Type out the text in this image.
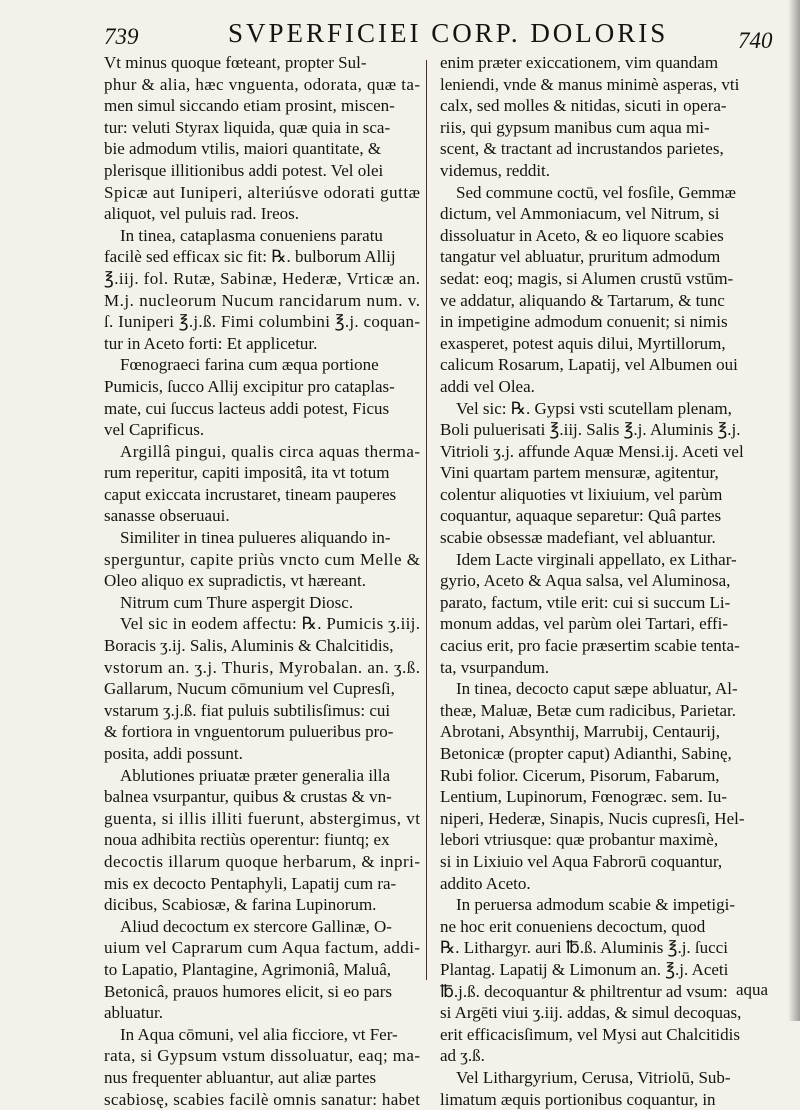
739	SVPERFICIEI CORP. DOLORIS	740
Vt minus quoque fœteant, propter Sul-
phur & alia, hæc vnguenta, odorata, quæ ta-
men simul siccando etiam prosint, miscen-
tur: veluti Styrax liquida, quæ quia in sca-
bie admodum vtilis, maiori quantitate, &
plerisque illitionibus addi potest. Vel olei
Spicæ aut Iuniperi, alteriúsve odorati guttæ
aliquot, vel puluis rad. Ireos.
In tinea, cataplasma conueniens paratu
facilè sed efficax sic fit: ℞. bulborum Allij
℥.iij. fol. Rutæ, Sabinæ, Hederæ, Vrticæ an.
M.j. nucleorum Nucum rancidarum num. v.
ſ. Iuniperi ℥.j.ß. Fimi columbini ℥.j. coquan-
tur in Aceto forti: Et applicetur.
Fœnograeci farina cum æqua portione
Pumicis, ſucco Allij excipitur pro cataplas-
mate, cui ſuccus lacteus addi potest, Ficus
vel Caprificus.
Argillâ pingui, qualis circa aquas therma-
rum reperitur, capiti impositâ, ita vt totum
caput exiccata incrustaret, tineam pauperes
sanasse obseruaui.
Similiter in tinea pulueres aliquando in-
sperguntur, capite priùs vncto cum Melle &
Oleo aliquo ex supradictis, vt hæreant.
Nitrum cum Thure aspergit Diosc.
Vel sic in eodem affectu: ℞. Pumicis ʒ.iij.
Boracis ʒ.ij. Salis, Aluminis & Chalcitidis,
vstorum an. ʒ.j. Thuris, Myrobalan. an. ʒ.ß.
Gallarum, Nucum cōmunium vel Cupresſi,
vstarum ʒ.j.ß. fiat puluis subtilisſimus: cui
& fortiora in vnguentorum pulueribus pro-
posita, addi possunt.
Ablutiones priuatæ præter generalia illa
balnea vsurpantur, quibus & crustas & vn-
guenta, si illis illiti fuerunt, abstergimus, vt
noua adhibita rectiùs operentur: fiuntq; ex
decoctis illarum quoque herbarum, & inpri-
mis ex decocto Pentaphyli, Lapatij cum ra-
dicibus, Scabiosæ, & farina Lupinorum.
Aliud decoctum ex stercore Gallinæ, O-
uium vel Caprarum cum Aqua factum, addi-
to Lapatio, Plantagine, Agrimoniâ, Maluâ,
Betonicâ, prauos humores elicit, si eo pars
abluatur.
In Aqua cōmuni, vel alia ficciore, vt Fer-
rata, si Gypsum vstum dissoluatur, eaq; ma-
nus frequenter abluantur, aut aliæ partes
scabiosę, scabies facilè omnis sanatur: habet
enim præter exiccationem, vim quandam
leniendi, vnde & manus minimè asperas, vti
calx, sed molles & nitidas, sicuti in opera-
riis, qui gypsum manibus cum aqua mi-
scent, & tractant ad incrustandos parietes,
videmus, reddit.
Sed commune coctū, vel fosſile, Gemmæ
dictum, vel Ammoniacum, vel Nitrum, si
dissoluatur in Aceto, & eo liquore scabies
tangatur vel abluatur, pruritum admodum
sedat: eoq; magis, si Alumen crustū vstūm-
ve addatur, aliquando & Tartarum, & tunc
in impetigine admodum conuenit; si nimis
exasperet, potest aquis dilui, Myrtillorum,
calicum Rosarum, Lapatij, vel Albumen oui
addi vel Olea.
Vel sic: ℞. Gypsi vsti scutellam plenam,
Boli puluerisati ℥.iij. Salis ℥.j. Aluminis ℥.j.
Vitrioli ʒ.j. affunde Aquæ Mensi.ij. Aceti vel
Vini quartam partem mensuræ, agitentur,
colentur aliquoties vt lixiuium, vel parùm
coquantur, aquaque separetur: Quâ partes
scabie obsessæ madefiant, vel abluantur.
Idem Lacte virginali appellato, ex Lithar-
gyrio, Aceto & Aqua salsa, vel Aluminosa,
parato, factum, vtile erit: cui si succum Li-
monum addas, vel parùm olei Tartari, effi-
cacius erit, pro facie præsertim scabie tenta-
ta, vsurpandum.
In tinea, decocto caput sæpe abluatur, Al-
theæ, Maluæ, Betæ cum radicibus, Parietar.
Abrotani, Absynthij, Marrubij, Centaurij,
Betonicæ (propter caput) Adianthi, Sabinę,
Rubi folior. Cicerum, Pisorum, Fabarum,
Lentium, Lupinorum, Fœnogræc. sem. Iu-
niperi, Hederæ, Sinapis, Nucis cupresſi, Hel-
lebori vtriusque: quæ probantur maximè,
si in Lixiuio vel Aqua Fabrorū coquantur,
addito Aceto.
In peruersa admodum scabie & impetigi-
ne hoc erit conueniens decoctum, quod
℞. Lithargyr. auri ℔.ß. Aluminis ℥.j. ſucci
Plantag. Lapatij & Limonum an. ℥.j. Aceti
℔.j.ß. decoquantur & philtrentur ad vsum:
si Argēti viui ʒ.iij. addas, & simul decoquas,
erit efficacisſimum, vel Mysi aut Chalcitidis
ad ʒ.ß.
Vel Lithargyrium, Cerusa, Vitriolū, Sub-
limatum æquis portionibus coquantur, in
aqua
